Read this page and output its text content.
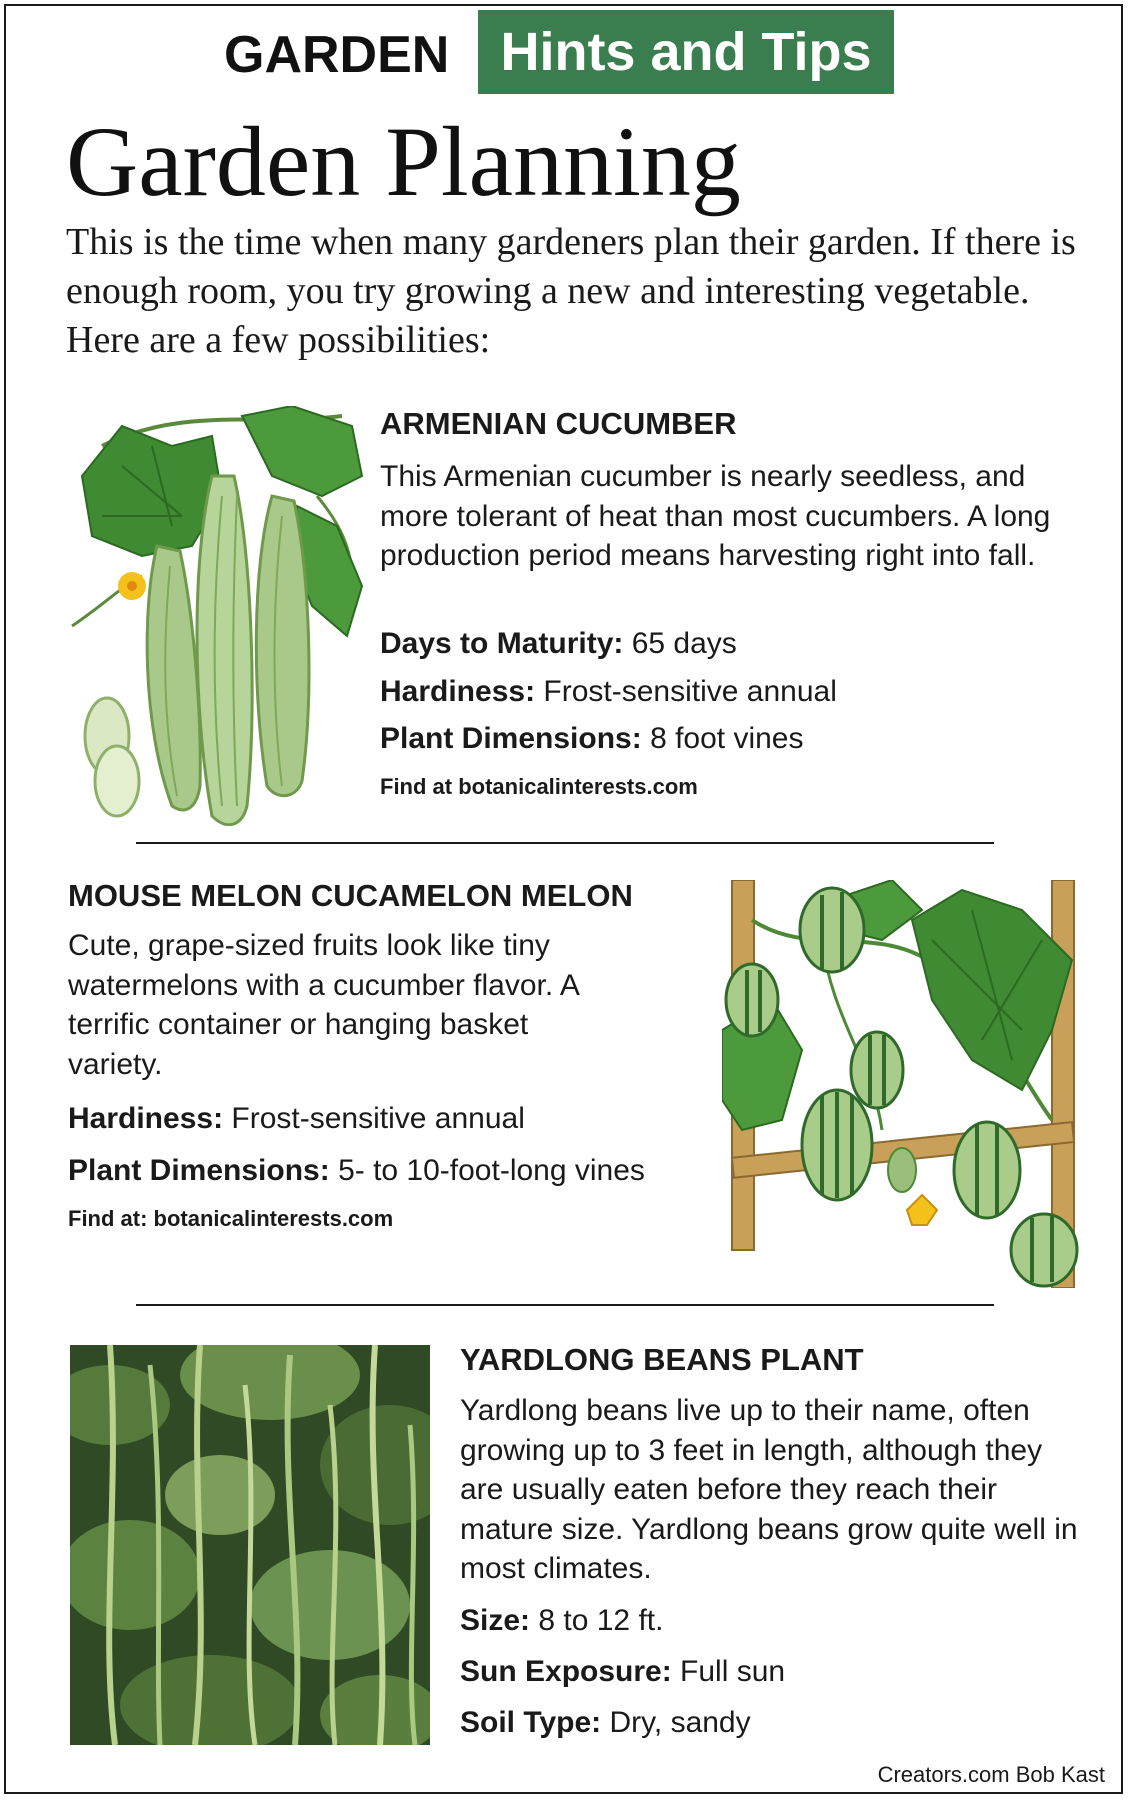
GARDEN Hints and Tips
Garden Planning
This is the time when many gardeners plan their garden. If there is enough room, you try growing a new and interesting vegetable. Here are a few possibilities:
ARMENIAN CUCUMBER
This Armenian cucumber is nearly seedless, and more tolerant of heat than most cucumbers. A long production period means harvesting right into fall.
Days to Maturity: 65 days
Hardiness: Frost-sensitive annual
Plant Dimensions: 8 foot vines
Find at botanicalinterests.com
MOUSE MELON CUCAMELON MELON
Cute, grape-sized fruits look like tiny watermelons with a cucumber flavor. A terrific container or hanging basket variety.
Hardiness: Frost-sensitive annual
Plant Dimensions: 5- to 10-foot-long vines
Find at: botanicalinterests.com
YARDLONG BEANS PLANT
Yardlong beans live up to their name, often growing up to 3 feet in length, although they are usually eaten before they reach their mature size. Yardlong beans grow quite well in most climates.
Size: 8 to 12 ft.
Sun Exposure: Full sun
Soil Type: Dry, sandy
Creators.com Bob Kast
